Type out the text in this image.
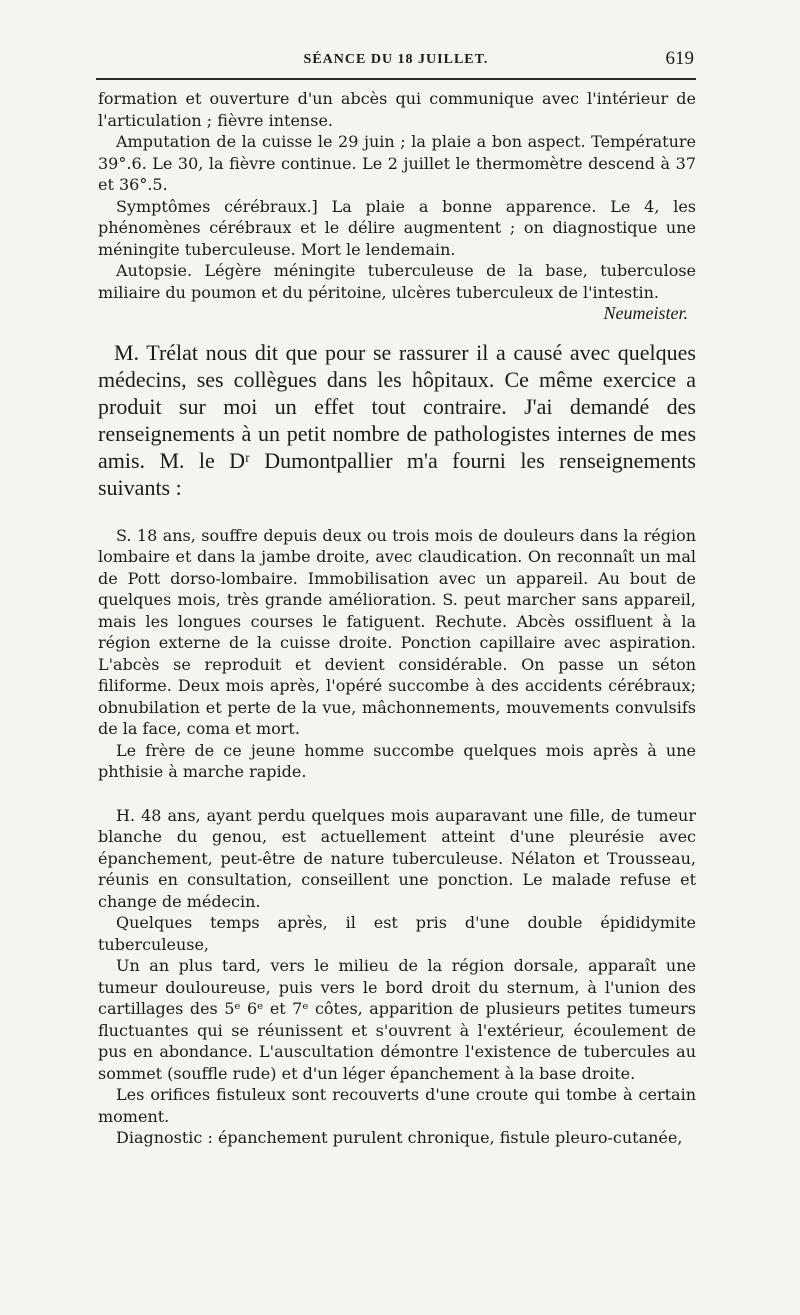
SÉANCE DU 18 JUILLET.	619

formation et ouverture d'un abcès qui communique avec l'intérieur de l'articulation ; fièvre intense.

Amputation de la cuisse le 29 juin ; la plaie a bon aspect. Température 39°.6. Le 30, la fièvre continue. Le 2 juillet le thermomètre descend à 37 et 36°.5.

Symptômes cérébraux.] La plaie a bonne apparence. Le 4, les phénomènes cérébraux et le délire augmentent ; on diagnostique une méningite tuberculeuse. Mort le lendemain.

Autopsie. Légère méningite tuberculeuse de la base, tuberculose miliaire du poumon et du péritoine, ulcères tuberculeux de l'intestin.

Neumeister.

M. Trélat nous dit que pour se rassurer il a causé avec quelques médecins, ses collègues dans les hôpitaux. Ce même exercice a produit sur moi un effet tout contraire. J'ai demandé des renseignements à un petit nombre de pathologistes internes de mes amis. M. le Dʳ Dumontpallier m'a fourni les renseignements suivants :

S. 18 ans, souffre depuis deux ou trois mois de douleurs dans la région lombaire et dans la jambe droite, avec claudication. On reconnaît un mal de Pott dorso-lombaire. Immobilisation avec un appareil. Au bout de quelques mois, très grande amélioration. S. peut marcher sans appareil, mais les longues courses le fatiguent. Rechute. Abcès ossifluent à la région externe de la cuisse droite. Ponction capillaire avec aspiration. L'abcès se reproduit et devient considérable. On passe un séton filiforme. Deux mois après, l'opéré succombe à des accidents cérébraux; obnubilation et perte de la vue, mâchonnements, mouvements convulsifs de la face, coma et mort.

Le frère de ce jeune homme succombe quelques mois après à une phthisie à marche rapide.

H. 48 ans, ayant perdu quelques mois auparavant une fille, de tumeur blanche du genou, est actuellement atteint d'une pleurésie avec épanchement, peut-être de nature tuberculeuse. Nélaton et Trousseau, réunis en consultation, conseillent une ponction. Le malade refuse et change de médecin.

Quelques temps après, il est pris d'une double épididymite tuberculeuse,

Un an plus tard, vers le milieu de la région dorsale, apparaît une tumeur douloureuse, puis vers le bord droit du sternum, à l'union des cartillages des 5ᵉ 6ᵉ et 7ᵉ côtes, apparition de plusieurs petites tumeurs fluctuantes qui se réunissent et s'ouvrent à l'extérieur, écoulement de pus en abondance. L'auscultation démontre l'existence de tubercules au sommet (souffle rude) et d'un léger épanchement à la base droite.

Les orifices fistuleux sont recouverts d'une croute qui tombe à certain moment.

Diagnostic : épanchement purulent chronique, fistule pleuro-cutanée,
